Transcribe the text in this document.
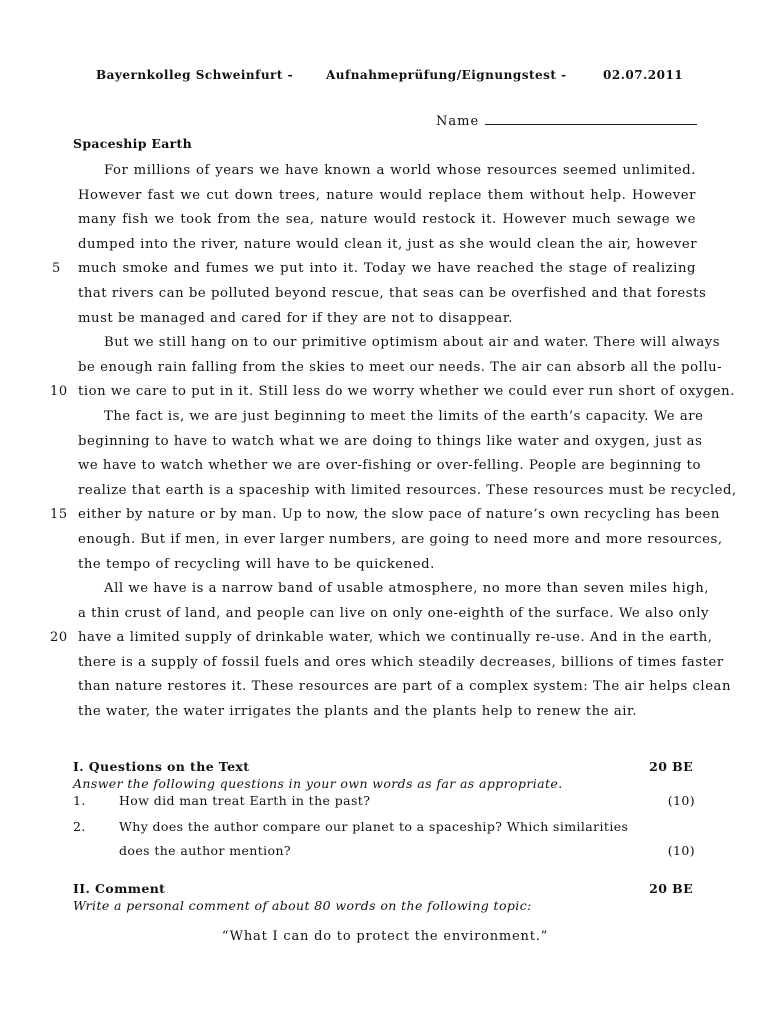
Bayernkolleg Schweinfurt -	Aufnahmeprüfung/Eignungstest -	02.07.2011
Name
Spaceship Earth
For millions of years we have known a world whose resources seemed unlimited.
However fast we cut down trees, nature would replace them without help. However
many fish we took from the sea, nature would restock it. However much sewage we
dumped into the river, nature would clean it, just as she would clean the air, however
5	much smoke and fumes we put into it. Today we have reached the stage of realizing
that rivers can be polluted beyond rescue, that seas can be overfished and that forests
must be managed and cared for if they are not to disappear.
But we still hang on to our primitive optimism about air and water. There will always
be enough rain falling from the skies to meet our needs. The air can absorb all the pollu-
10 tion we care to put in it. Still less do we worry whether we could ever run short of oxygen.
The fact is, we are just beginning to meet the limits of the earth’s capacity. We are
beginning to have to watch what we are doing to things like water and oxygen, just as
we have to watch whether we are over-fishing or over-felling. People are beginning to
realize that earth is a spaceship with limited resources. These resources must be recycled,
15 either by nature or by man. Up to now, the slow pace of nature’s own recycling has been
enough. But if men, in ever larger numbers, are going to need more and more resources,
the tempo of recycling will have to be quickened.
All we have is a narrow band of usable atmosphere, no more than seven miles high,
a thin crust of land, and people can live on only one-eighth of the surface. We also only
20 have a limited supply of drinkable water, which we continually re-use. And in the earth,
there is a supply of fossil fuels and ores which steadily decreases, billions of times faster
than nature restores it. These resources are part of a complex system: The air helps clean
the water, the water irrigates the plants and the plants help to renew the air.
I. Questions on the Text	20 BE
Answer the following questions in your own words as far as appropriate.
1.	How did man treat Earth in the past?	(10)
2.	Why does the author compare our planet to a spaceship? Which similarities
does the author mention?	(10)
II. Comment	20 BE
Write a personal comment of about 80 words on the following topic:
“What I can do to protect the environment.”
